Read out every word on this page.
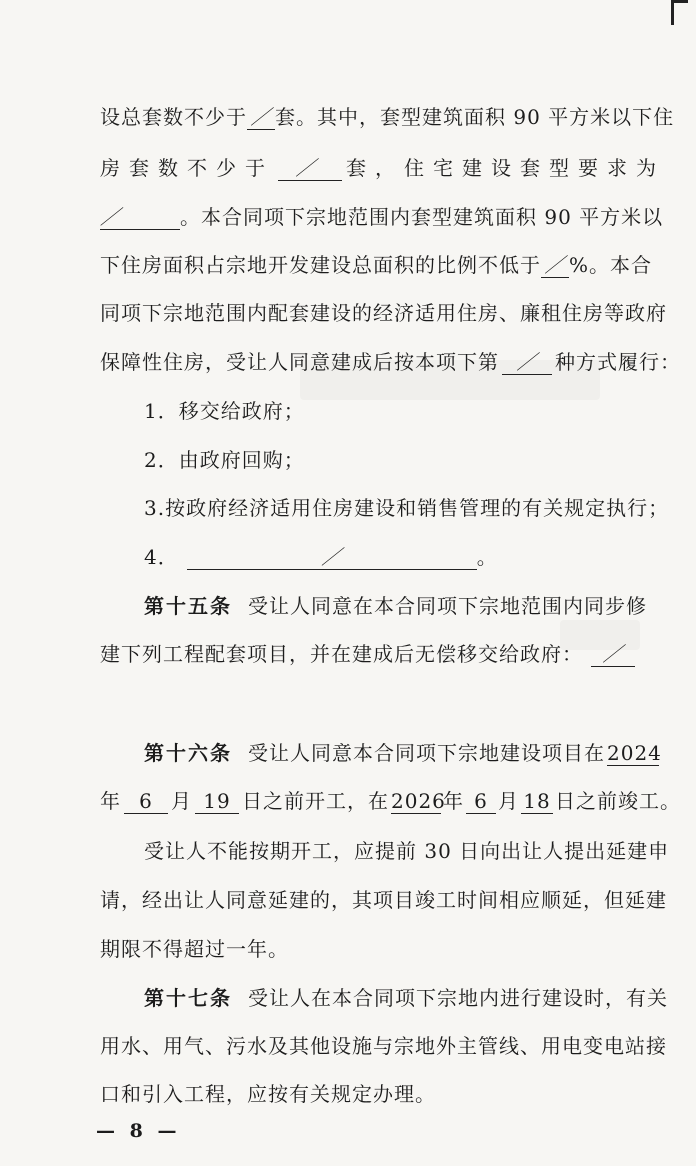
设总套数不少于 ／ 套。其中，套型建筑面积 90 平方米以下住
房套数不少于 ／ 套，住宅建设套型要求为
／	。本合同项下宗地范围内套型建筑面积 90 平方米以
下住房面积占宗地开发建设总面积的比例不低于 ／ %。本合
同项下宗地范围内配套建设的经济适用住房、廉租住房等政府
保障性住房，受让人同意建成后按本项下第 ／ 种方式履行：
1．移交给政府；
2．由政府回购；
3.按政府经济适用住房建设和销售管理的有关规定执行；
4．	／	。
第十五条 受让人同意在本合同项下宗地范围内同步修
建下列工程配套项目，并在建成后无偿移交给政府： ／
第十六条 受让人同意本合同项下宗地建设项目在 2024
年 6 月 19 日之前开工，在 2026年 6 月 18 日之前竣工。
受让人不能按期开工，应提前 30 日向出让人提出延建申
请，经出让人同意延建的，其项目竣工时间相应顺延，但延建
期限不得超过一年。
第十七条 受让人在本合同项下宗地内进行建设时，有关
用水、用气、污水及其他设施与宗地外主管线、用电变电站接
口和引入工程，应按有关规定办理。
— 8 —
